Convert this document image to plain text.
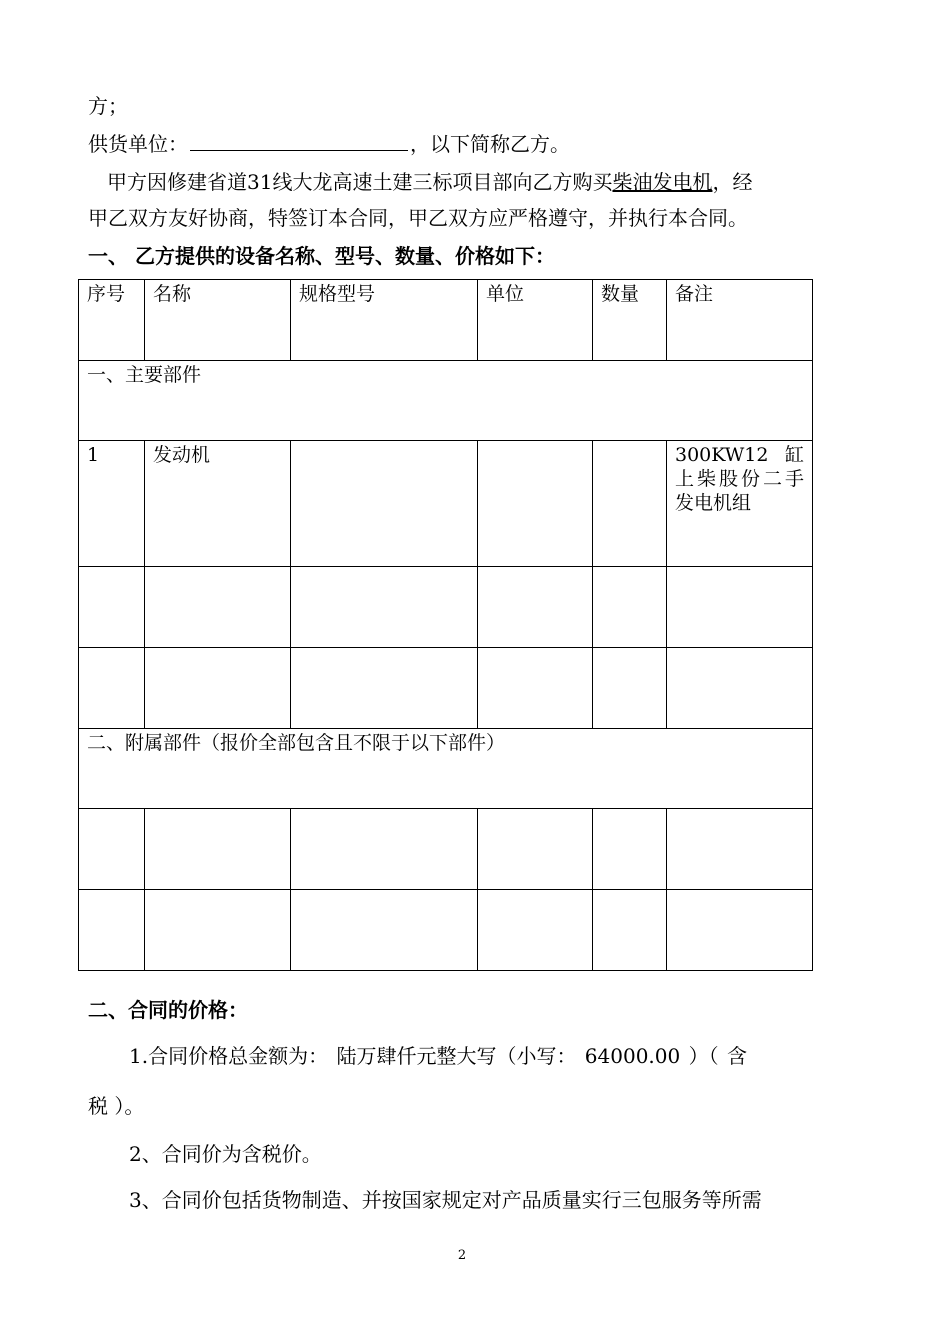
方；
供货单位：	，以下简称乙方。
甲方因修建省道31线大龙高速土建三标项目部向乙方购买柴油发电机，经
甲乙双方友好协商，特签订本合同，甲乙双方应严格遵守，并执行本合同。
一、 乙方提供的设备名称、型号、数量、价格如下：
序号	名称	规格型号	单位	数量	备注
一、主要部件					
1	发动机				300KW12缸上柴股份二手发电机组

二、附属部件（报价全部包含且不限于以下部件）					

二、合同的价格：
1.合同价格总金额为： 陆万肆仟元整大写（小写： 64000.00 ）（ 含
税 ）。
2、合同价为含税价。
3、合同价包括货物制造、并按国家规定对产品质量实行三包服务等所需
2
